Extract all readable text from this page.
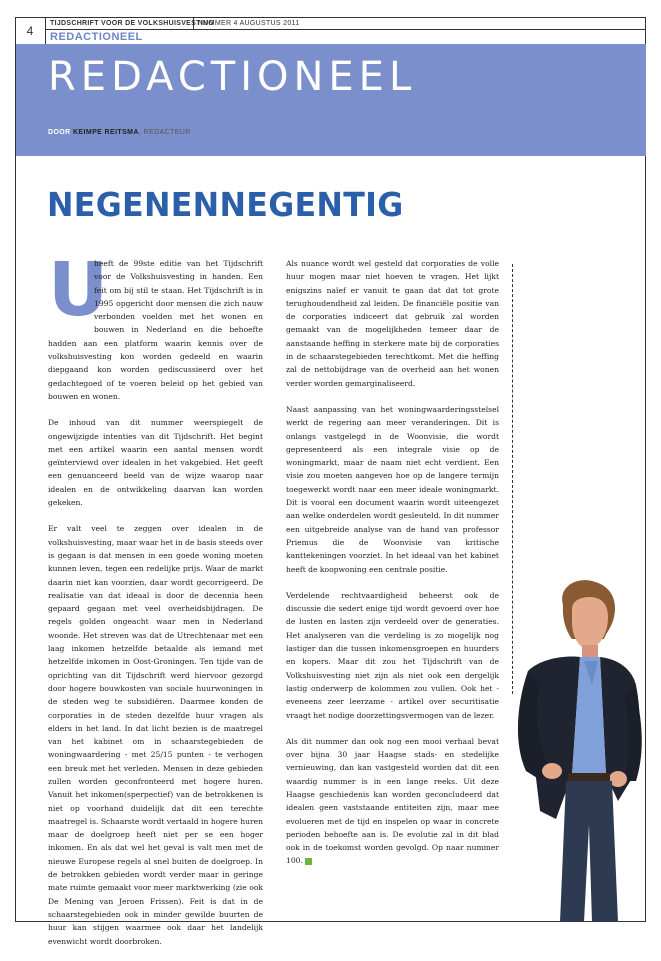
4
TIJDSCHRIFT VOOR DE VOLKSHUISVESTING
NUMMER 4 AUGUSTUS 2011
REDACTIONEEL
REDACTIONEEL
DOOR KEIMPE REITSMA, REDACTEUR
NEGENENNEGENTIG

U
heeft de 99ste editie van het Tijdschrift voor de Volkshuisvesting in handen. Een feit om bij stil te staan. Het Tijdschrift is in 1995 opgericht door mensen die zich nauw verbonden voelden met het wonen en bouwen in Nederland en die behoefte hadden aan een platform waarin kennis over de volkshuisvesting kon worden gedeeld en waarin diepgaand kon worden gediscussieerd over het gedachtegoed of te voeren beleid op het gebied van bouwen en wonen.

De inhoud van dit nummer weerspiegelt de ongewijzigde intenties van dit Tijdschrift. Het begint met een artikel waarin een aantal mensen wordt geïnterviewd over idealen in het vakgebied. Het geeft een genuanceerd beeld van de wijze waarop naar idealen en de ontwikkeling daarvan kan worden gekeken.

Er valt veel te zeggen over idealen in de volkshuisvesting, maar waar het in de basis steeds over is gegaan is dat mensen in een goede woning moeten kunnen leven, tegen een redelijke prijs. Waar de markt daarin niet kan voorzien, daar wordt gecorrigeerd. De realisatie van dat ideaal is door de decennia heen gepaard gegaan met veel overheidsbijdragen. De regels golden ongeacht waar men in Nederland woonde. Het streven was dat de Utrechtenaar met een laag inkomen hetzelfde betaalde als iemand met hetzelfde inkomen in Oost-Groningen. Ten tijde van de oprichting van dit Tijdschrift werd hiervoor gezorgd door hogere bouwkosten van sociale huurwoningen in de steden weg te subsidiëren. Daarmee konden de corporaties in de steden dezelfde huur vragen als elders in het land. In dat licht bezien is de maatregel van het kabinet om in schaarstegebieden de woningwaardering - met 25/15 punten - te verhogen een breuk met het verleden. Mensen in deze gebieden zullen worden geconfronteerd met hogere huren. Vanuit het inkomen(sperpectief) van de betrokkenen is niet op voorhand duidelijk dat dit een terechte maatregel is. Schaarste wordt vertaald in hogere huren maar de doelgroep heeft niet per se een hoger inkomen. En als dat wel het geval is valt men met de nieuwe Europese regels al snel buiten de doelgroep. In de betrokken gebieden wordt verder maar in geringe mate ruimte gemaakt voor meer marktwerking (zie ook De Mening van Jeroen Frissen). Feit is dat in de schaarstegebieden ook in minder gewilde buurten de huur kan stijgen waarmee ook daar het landelijk evenwicht wordt doorbroken.

Als nuance wordt wel gesteld dat corporaties de volle huur mogen maar niet hoeven te vragen. Het lijkt enigszins naïef er vanuit te gaan dat dat tot grote terughoudendheid zal leiden. De financiële positie van de corporaties indiceert dat gebruik zal worden gemaakt van de mogelijkheden temeer daar de aanstaande heffing in sterkere mate bij de corporaties in de schaarstegebieden terechtkomt. Met die heffing zal de nettobijdrage van de overheid aan het wonen verder worden gemarginaliseerd.

Naast aanpassing van het woningwaarderingsstelsel werkt de regering aan meer veranderingen. Dit is onlangs vastgelegd in de Woonvisie, die wordt gepresenteerd als een integrale visie op de woningmarkt, maar de naam niet echt verdient. Een visie zou moeten aangeven hoe op de langere termijn toegewerkt wordt naar een meer ideale woningmarkt. Dit is vooral een document waarin wordt uiteengezet aan welke onderdelen wordt gesleuteld. In dit nummer een uitgebreide analyse van de hand van professor Priemus die de Woonvisie van kritische kanttekeningen voorziet. In het ideaal van het kabinet heeft de koopwoning een centrale positie.

Verdelende rechtvaardigheid beheerst ook de discussie die sedert enige tijd wordt gevoerd over hoe de lusten en lasten zijn verdeeld over de generaties. Het analyseren van die verdeling is zo mogelijk nog lastiger dan die tussen inkomensgroepen en huurders en kopers. Maar dit zou het Tijdschrift van de Volkshuisvesting niet zijn als niet ook een dergelijk lastig onderwerp de kolommen zou vullen. Ook het - eveneens zeer leerzame - artikel over securitisatie vraagt het nodige doorzettingsvermogen van de lezer.

Als dit nummer dan ook nog een mooi verhaal bevat over bijna 30 jaar Haagse stads- en stedelijke vernieuwing, dan kan vastgesteld worden dat dit een waardig nummer is in een lange reeks. Uit deze Haagse geschiedenis kan worden geconcludeerd dat idealen geen vaststaande entiteiten zijn, maar mee evolueren met de tijd en inspelen op waar in concrete perioden behoefte aan is. De evolutie zal in dit blad ook in de toekomst worden gevolgd. Op naar nummer 100.
